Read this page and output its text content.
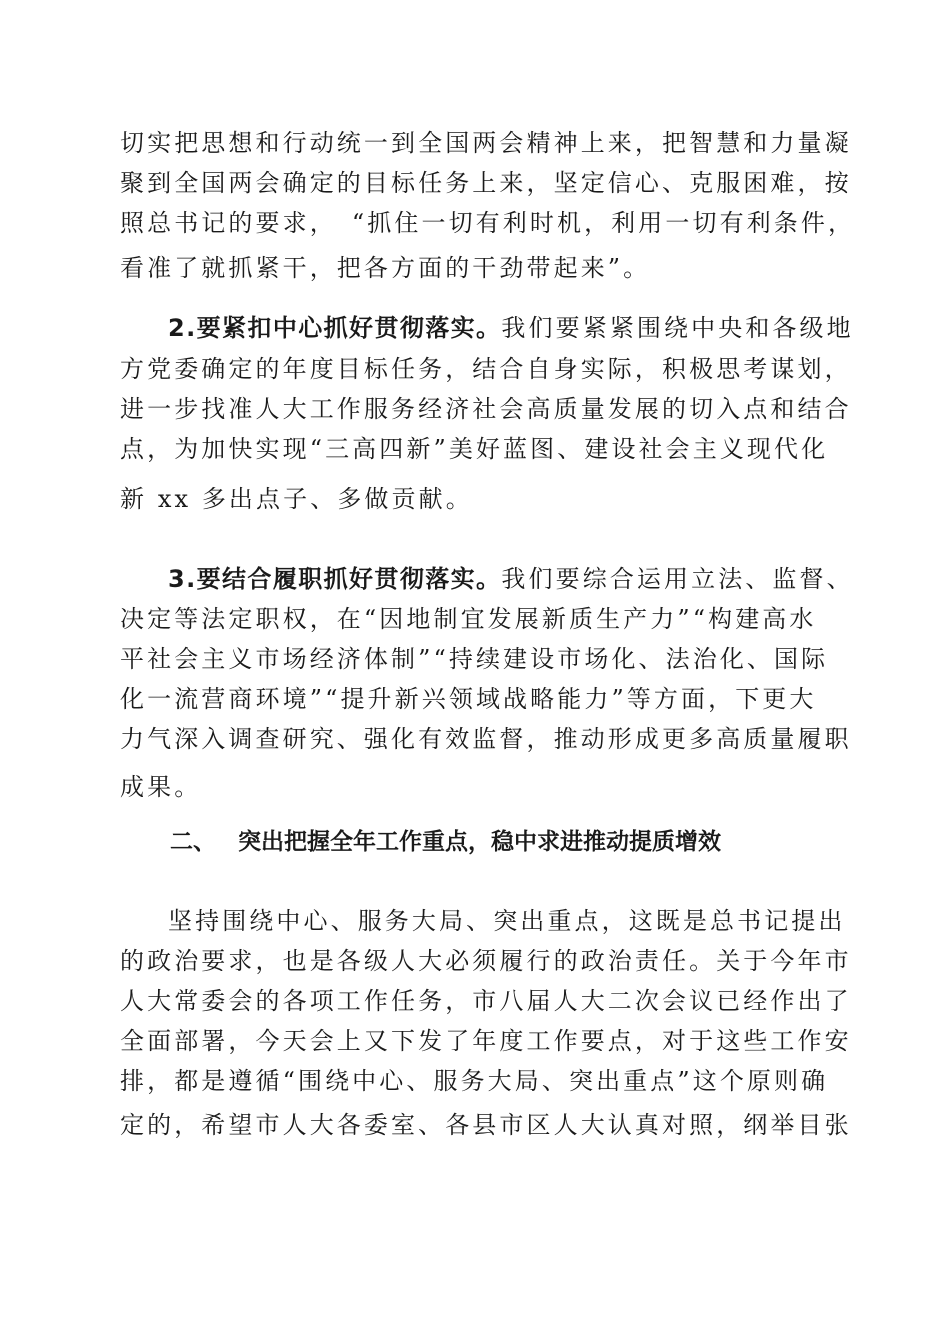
切实把思想和行动统一到全国两会精神上来，把智慧和力量凝
聚到全国两会确定的目标任务上来，坚定信心、克服困难，按
照总书记的要求，　“抓住一切有利时机，利用一切有利条件，
看准了就抓紧干，把各方面的干劲带起来”。
2.要紧扣中心抓好贯彻落实。我们要紧紧围绕中央和各级地
方党委确定的年度目标任务，结合自身实际，积极思考谋划，
进一步找准人大工作服务经济社会高质量发展的切入点和结合
点，为加快实现“三高四新”美好蓝图、建设社会主义现代化
新 xx 多出点子、多做贡献。
3.要结合履职抓好贯彻落实。我们要综合运用立法、监督、
决定等法定职权，在“因地制宜发展新质生产力”“构建高水
平社会主义市场经济体制”“持续建设市场化、法治化、国际
化一流营商环境”“提升新兴领域战略能力”等方面，下更大
力气深入调查研究、强化有效监督，推动形成更多高质量履职
成果。
二、 突出把握全年工作重点，稳中求进推动提质增效
坚持围绕中心、服务大局、突出重点，这既是总书记提出
的政治要求，也是各级人大必须履行的政治责任。关于今年市
人大常委会的各项工作任务，市八届人大二次会议已经作出了
全面部署，今天会上又下发了年度工作要点，对于这些工作安
排，都是遵循“围绕中心、服务大局、突出重点”这个原则确
定的，希望市人大各委室、各县市区人大认真对照，纲举目张
